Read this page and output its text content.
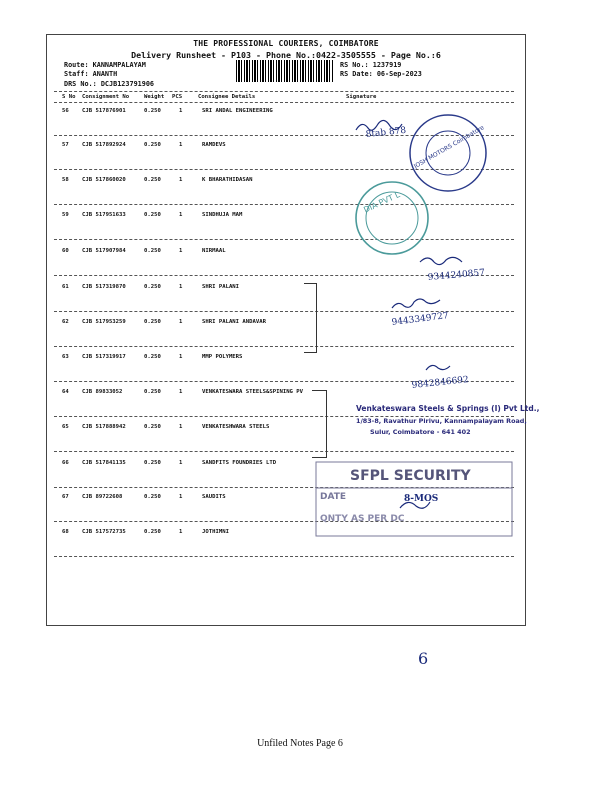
THE PROFESSIONAL COURIERS, COIMBATORE
Delivery Runsheet - P103 - Phone No.:0422-3505555 - Page No.:6
Route: KANNAMPALAYAM
Staff: ANANTH
DRS No.: DCJB123791906
RS No.: 1237919
RS Date: 06-Sep-2023
S No Consignment No	Weight PCS	Consignee Details	Signature
56 CJB 517876901	0.250	1	SRI ANDAL ENGINEERING
57 CJB 517892924	0.250	1	RAMDEVS
58 CJB 517860020	0.250	1	K BHARATHIDASAN
59 CJB 517951633	0.250	1	SINDHUJA MAM
60 CJB 517907984	0.250	1	NIRMAAL
61 CJB 517319870	0.250	1	SHRI PALANI
62 CJB 517953259	0.250	1	SHRI PALANI ANDAVAR
63 CJB 517319917	0.250	1	MMP POLYMERS
64 CJB 89833052	0.250	1	VENKATESWARA STEELS&SPINING PV
65 CJB 517888942	0.250	1	VENKATESHWARA STEELS
66 CJB 517841135	0.250	1	SANDFITS FOUNDRIES LTD
67 CJB 89722608	0.250	1	SAUDITS
68 CJB 517572735	0.250	1	JOTHIMNI
8tab 878 JOSH MOTORS Coimbatore
DIA PVT L
9344240857
9443349727
9842846692
6
Venkateswara Steels & Springs (I) Pvt Ltd.,
1/83-8, Ravathur Pirivu, Kannampalayam Road,
Sulur, Coimbatore - 641 402
SFPL SECURITY
DATE	8-MOS
QNTY AS PER DC
Unfiled Notes Page 6
